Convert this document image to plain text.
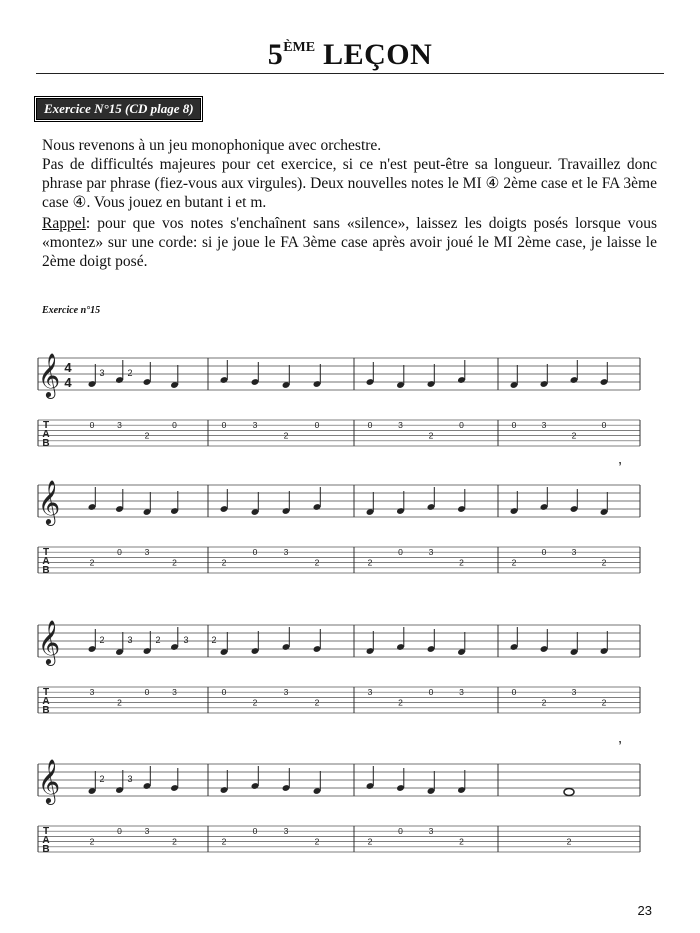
5ÈME LEÇON
Exercice N°15 (CD plage 8)

Nous revenons à un jeu monophonique avec orchestre.

Pas de difficultés majeures pour cet exercice, si ce n'est peut-être sa longueur. Travaillez donc phrase par phrase (fiez-vous aux virgules). Deux nouvelles notes le MI ④ 2ème case et le FA 3ème case ④. Vous jouez en butant i et m.

Rappel: pour que vos notes s'enchaînent sans «silence», laissez les doigts posés lorsque vous «montez» sur une corde: si je joue le FA 3ème case après avoir joué le MI 2ème case, je laisse le 2ème doigt posé.

Exercice n°15
𝄞 4
4
T
A
B
0	3
2
0	0	3
2
0	0	3
2
0	0	3
2
0
3	2
𝄞
T
A
B
2
0	3
2	2
0	3
2	2
0	3
2	2
0	3
2
’
𝄞
T
A
B
3
2
0	3	0
2
3
2
3
2
0	3	0
2
3
2
2	3	2	3	2
𝄞
T
A
B
2
0	3
2	2
0	3
2	2
0	3
2	2
2	3
’
23
